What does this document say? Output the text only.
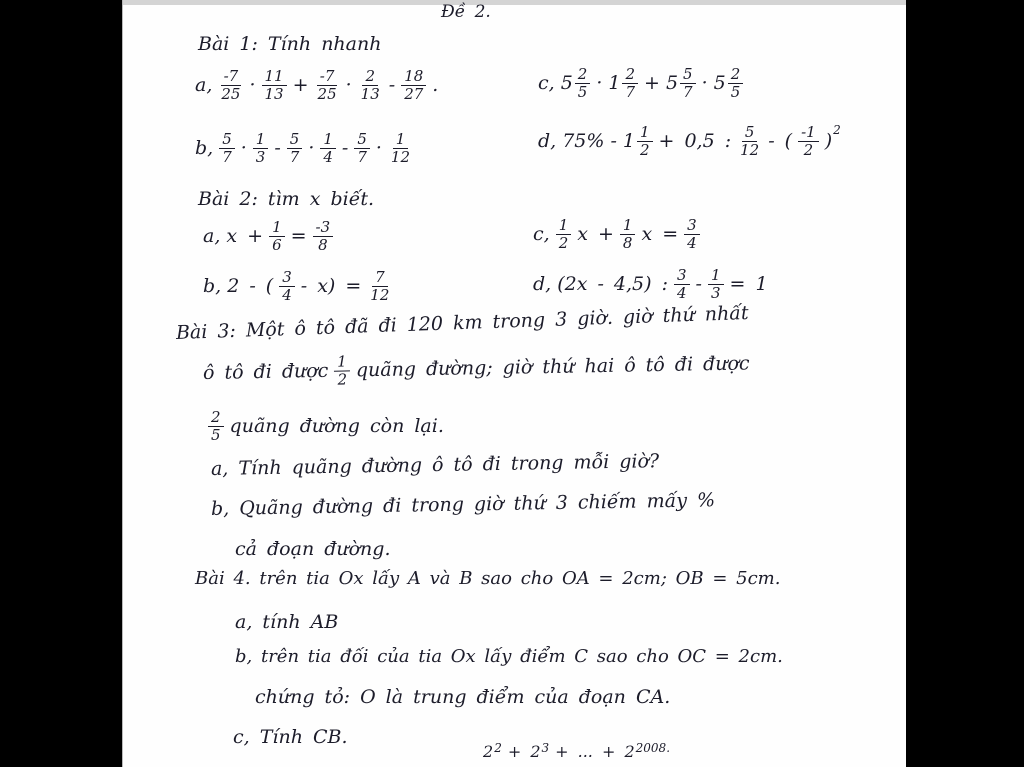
Đề 2.
Bài 1: Tính nhanh
a, $\frac{-7}{25} \cdot \frac{11}{13} + \frac{-7}{25} \cdot \frac{2}{13} - \frac{18}{27}$ .	c, $5 \frac{2}{5} \cdot 1 \frac{2}{7} + 5 \frac{5}{7} \cdot 5 \frac{2}{5}$
b, $\frac{5}{7} \cdot \frac{1}{3} - \frac{5}{7} \cdot \frac{1}{4} - \frac{5}{7} \cdot \frac{1}{12}$	d, $75\% - 1 \frac{1}{2} + 0,5$ : $\frac{5}{12}$ - ( $\frac{-1}{2}$ )
$^2$
Bài 2: tìm x biết.
a, $x + \frac{1}{6} = \frac{-3}{8}$	c, $\frac{1}{2}$ $x + \frac{1}{8}$ $x = \frac{3}{4}$
b, 2 - ( $\frac{3}{4} - x) = \frac{7}{12}$	d, (2x - 4,5) : $\frac{3}{4} - \frac{1}{3} = 1$
Bài 3: Một ô tô đã đi 120 km trong 3 giờ. giờ thứ nhất
ô tô đi được $\frac{1}{2}$ quãng đường; giờ thứ hai ô tô đi được
$\frac{2}{5}$ quãng đường còn lại.
a, Tính quãng đường ô tô đi trong mỗi giờ?
b, Quãng đường đi trong giờ thứ 3 chiếm mấy %
cả đoạn đường.
Bài 4. trên tia Ox lấy A và B sao cho OA = 2cm; OB = 5cm.
a, tính AB
b, trên tia đối của tia Ox lấy điểm C sao cho OC = 2cm.
chứng tỏ: O là trung điểm của đoạn CA.
c, Tính CB.
$2^2 + 2^3$ + ... + $2^{2008.}$
